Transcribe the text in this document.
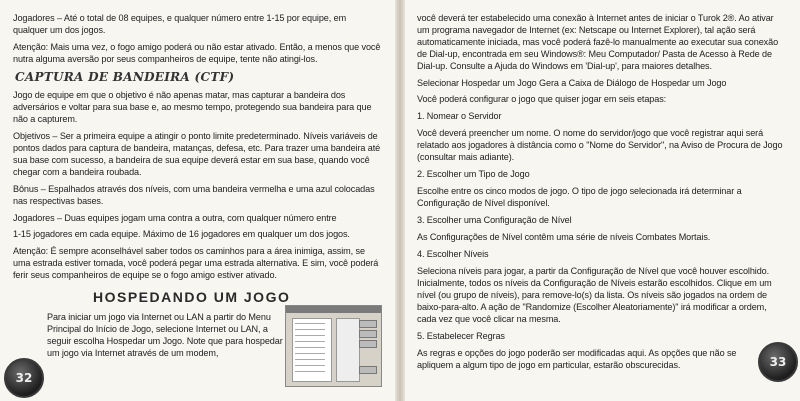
Jogadores – Até o total de 08 equipes, e qualquer número entre 1-15 por equipe, em qualquer um dos jogos.

Atenção: Mais uma vez, o fogo amigo poderá ou não estar ativado. Então, a menos que você nutra alguma aversão por seus companheiros de equipe, tente não atingi-los.

CAPTURA DE BANDEIRA (CTF)

Jogo de equipe em que o objetivo é não apenas matar, mas capturar a bandeira dos adversários e voltar para sua base e, ao mesmo tempo, protegendo sua bandeira para que não a capturem.

Objetivos – Ser a primeira equipe a atingir o ponto limite predeterminado. Níveis variáveis de pontos dados para captura de bandeira, matanças, defesa, etc. Para trazer uma bandeira até sua base com sucesso, a bandeira de sua equipe deverá estar em sua base, quando você chegar com a bandeira roubada.

Bônus – Espalhados através dos níveis, com uma bandeira vermelha e uma azul colocadas nas respectivas bases.

Jogadores – Duas equipes jogam uma contra a outra, com qualquer número entre

1-15 jogadores em cada equipe. Máximo de 16 jogadores em qualquer um dos jogos.

Atenção: É sempre aconselhável saber todos os caminhos para a área inimiga, assim, se uma estrada estiver tomada, você poderá pegar uma estrada alternativa. E sim, você poderá ferir seus companheiros de equipe se o fogo amigo estiver ativado.

HOSPEDANDO UM JOGO

Para iniciar um jogo via Internet ou LAN a partir do Menu Principal do Início de Jogo, selecione Internet ou LAN, a seguir escolha Hospedar um Jogo. Note que para hospedar um jogo via Internet através de um modem,

32

você deverá ter estabelecido uma conexão à Internet antes de iniciar o Turok 2®. Ao ativar um programa navegador de Internet (ex: Netscape ou Internet Explorer), tal ação será automaticamente iniciada, mas você poderá fazê-lo manualmente ao executar sua conexão de Dial-up, encontrada em seu Windows®: Meu Computador/ Pasta de Acesso à Rede de Dial-up. Consulte a Ajuda do Windows em 'Dial-up', para maiores detalhes.

Selecionar Hospedar um Jogo Gera a Caixa de Diálogo de Hospedar um Jogo

Você poderá configurar o jogo que quiser jogar em seis etapas:

1. Nomear o Servidor

Você deverá preencher um nome. O nome do servidor/jogo que você registrar aqui será relatado aos jogadores à distância como o "Nome do Servidor", na Aviso de Procura de Jogo (consultar mais adiante).

2. Escolher um Tipo de Jogo

Escolhe entre os cinco modos de jogo. O tipo de jogo selecionada irá determinar a Configuração de Nível disponível.

3. Escolher uma Configuração de Nível

As Configurações de Nível contêm uma série de níveis Combates Mortais.

4. Escolher Níveis

Seleciona níveis para jogar, a partir da Configuração de Nível que você houver escolhido. Inicialmente, todos os níveis da Configuração de Níveis estarão escolhidos. Clique em um nível (ou grupo de níveis), para remove-lo(s) da lista. Os níveis são jogados na ordem de baixo-para-alto. A ação de "Randomize (Escolher Aleatoriamente)" irá modificar a ordem, cada vez que você clicar na mesma.

5. Estabelecer Regras

As regras e opções do jogo poderão ser modificadas aqui. As opções que não se apliquem a algum tipo de jogo em particular, estarão obscurecidas.	33
